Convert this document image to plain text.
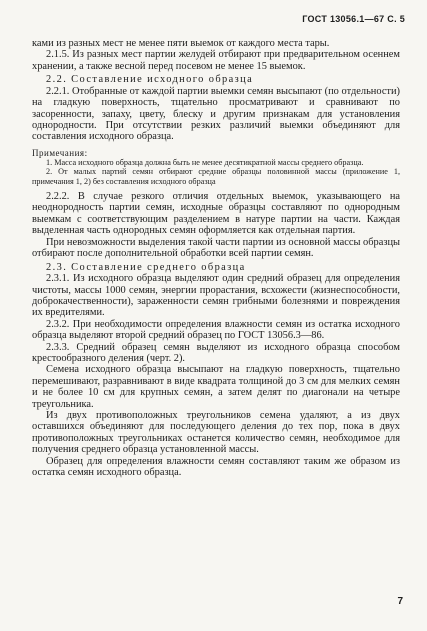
ГОСТ 13056.1—67 С. 5

ками из разных мест не менее пяти выемок от каждого места тары.

2.1.5. Из разных мест партии желудей отбирают при предварительном осеннем хранении, а также весной перед посевом не менее 15 выемок.

2.2. Составление исходного образца

2.2.1. Отобранные от каждой партии выемки семян высыпают (по отдельности) на гладкую поверхность, тщательно просматривают и сравнивают по засоренности, запаху, цвету, блеску и другим признакам для установления однородности. При отсутствии резких различий выемки объединяют для составления исходного образца.

Примечания:

1. Масса исходного образца должна быть не менее десятикратной массы среднего образца.

2. От малых партий семян отбирают средние образцы половинной массы (приложение 1, примечания 1, 2) без составления исходного образца

2.2.2. В случае резкого отличия отдельных выемок, указывающего на неоднородность партии семян, исходные образцы составляют по однородным выемкам с соответствующим разделением в натуре партии на части. Каждая выделенная часть однородных семян оформляется как отдельная партия.

При невозможности выделения такой части партии из основной массы образцы отбирают после дополнительной обработки всей партии семян.

2.3. Составление среднего образца

2.3.1. Из исходного образца выделяют один средний образец для определения чистоты, массы 1000 семян, энергии прорастания, всхожести (жизнеспособности, доброкачественности), зараженности семян грибными болезнями и повреждения их вредителями.

2.3.2. При необходимости определения влажности семян из остатка исходного образца выделяют второй средний образец по ГОСТ 13056.3—86.

2.3.3. Средний образец семян выделяют из исходного образца способом крестообразного деления (черт. 2).

Семена исходного образца высыпают на гладкую поверхность, тщательно перемешивают, разравнивают в виде квадрата толщиной до 3 см для мелких семян и не более 10 см для крупных семян, а затем делят по диагонали на четыре треугольника.

Из двух противоположных треугольников семена удаляют, а из двух оставшихся объединяют для последующего деления до тех пор, пока в двух противоположных треугольниках останется количество семян, необходимое для получения среднего образца установленной массы.

Образец для определения влажности семян составляют таким же образом из остатка семян исходного образца.

7
